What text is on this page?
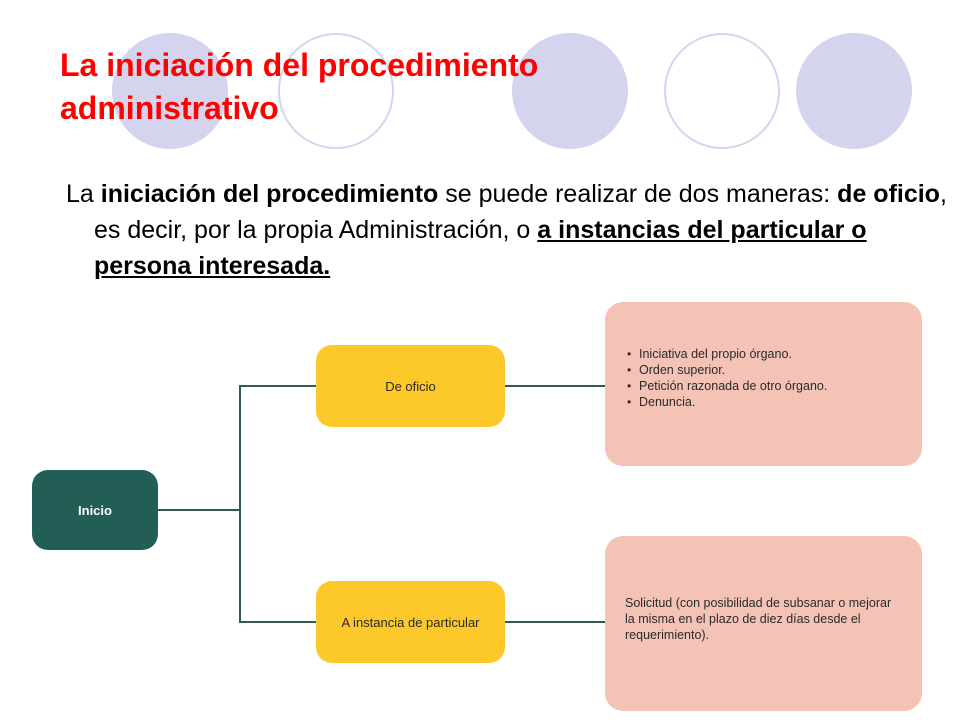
La iniciación del procedimiento administrativo

La iniciación del procedimiento se puede realizar de dos maneras: de oficio, es decir, por la propia Administración, o a instancias del particular o persona interesada.

Inicio
De oficio
A instancia de particular
• Iniciativa del propio órgano.
• Orden superior.
• Petición razonada de otro órgano.
• Denuncia.
Solicitud (con posibilidad de subsanar o mejorar la misma en el plazo de diez días desde el requerimiento).
